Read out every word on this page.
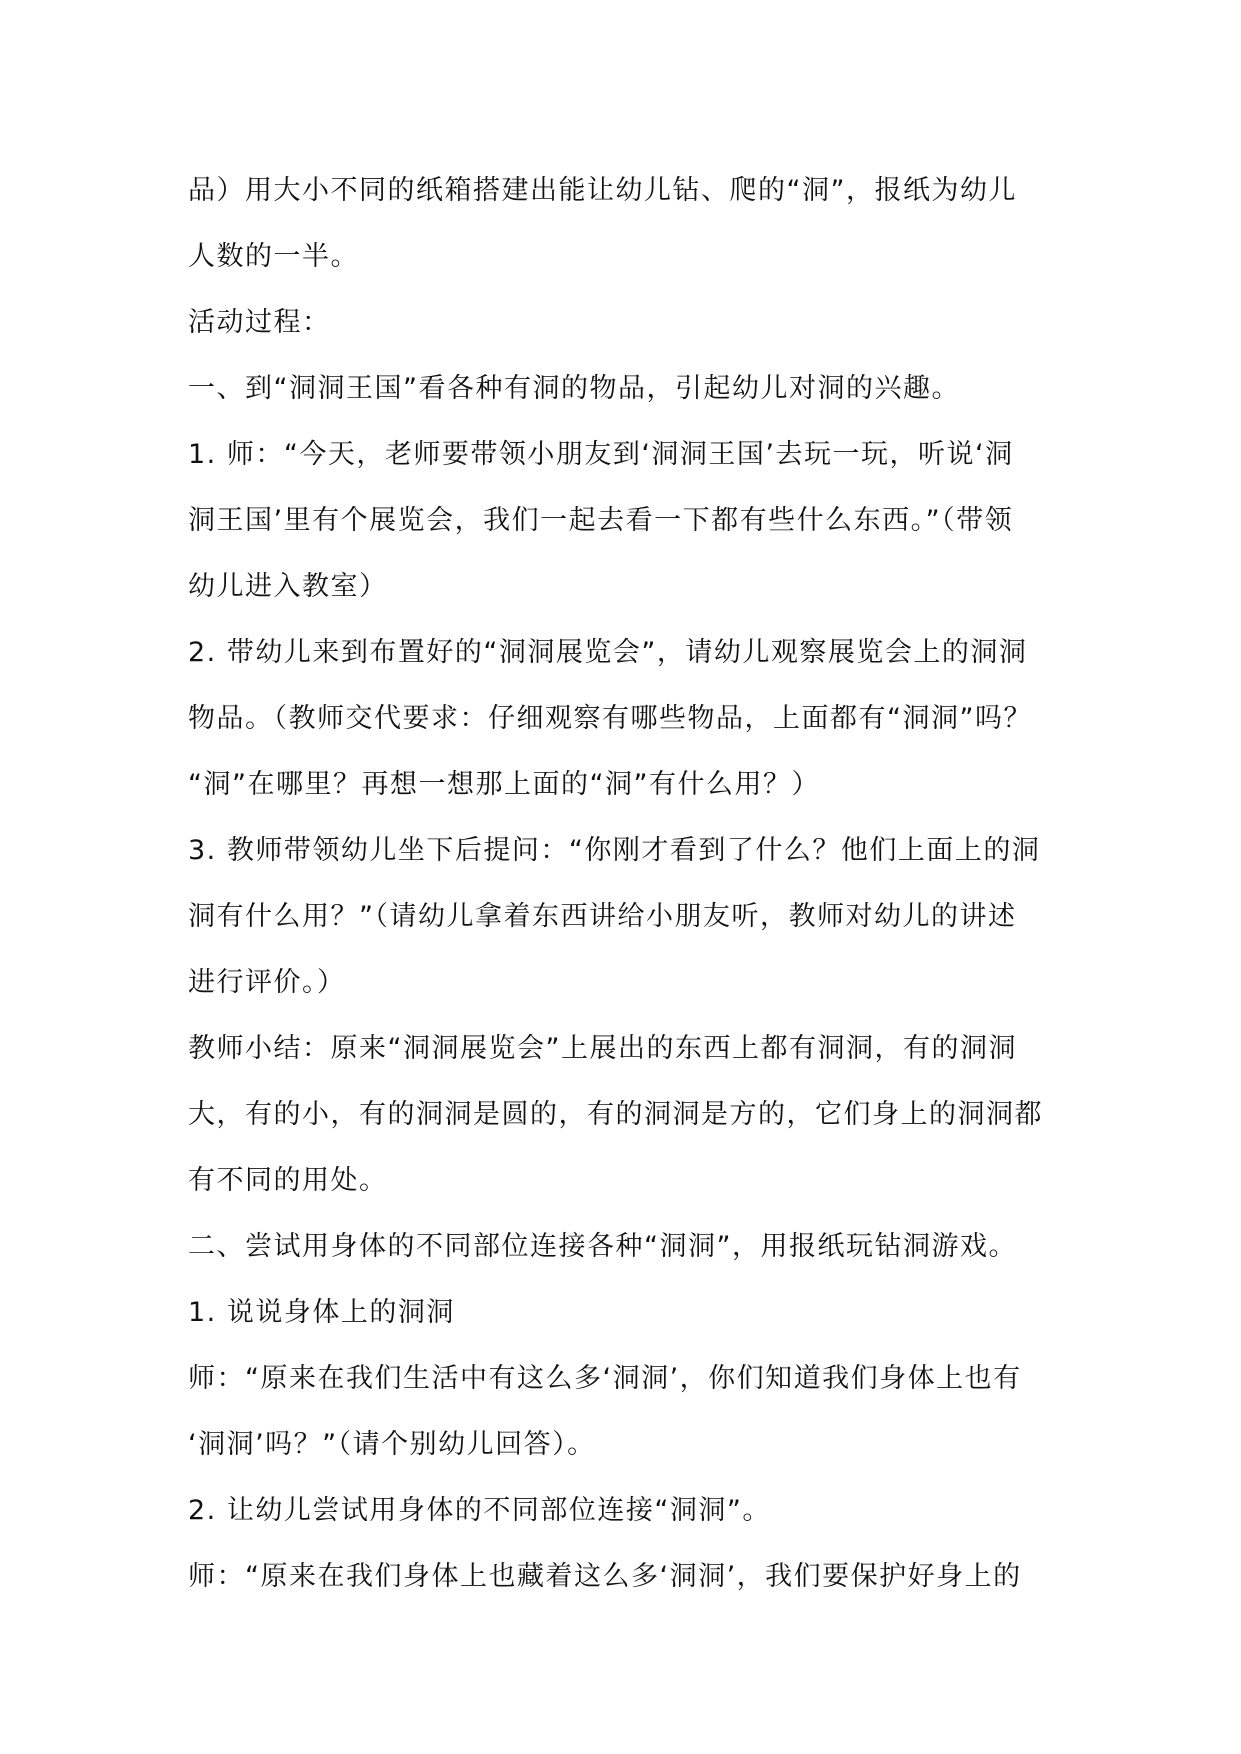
品）用大小不同的纸箱搭建出能让幼儿钻、爬的“洞”，报纸为幼儿
人数的一半。
活动过程：
一、到“洞洞王国”看各种有洞的物品，引起幼儿对洞的兴趣。
1. 师：“今天，老师要带领小朋友到‘洞洞王国’去玩一玩，听说‘洞
洞王国’里有个展览会，我们一起去看一下都有些什么东西。”（带领
幼儿进入教室）
2. 带幼儿来到布置好的“洞洞展览会”，请幼儿观察展览会上的洞洞
物品。（教师交代要求：仔细观察有哪些物品，上面都有“洞洞”吗？
“洞”在哪里？再想一想那上面的“洞”有什么用？）
3. 教师带领幼儿坐下后提问：“你刚才看到了什么？他们上面上的洞
洞有什么用？”（请幼儿拿着东西讲给小朋友听，教师对幼儿的讲述
进行评价。）
教师小结：原来“洞洞展览会”上展出的东西上都有洞洞，有的洞洞
大，有的小，有的洞洞是圆的，有的洞洞是方的，它们身上的洞洞都
有不同的用处。
二、尝试用身体的不同部位连接各种“洞洞”，用报纸玩钻洞游戏。
1. 说说身体上的洞洞
师：“原来在我们生活中有这么多‘洞洞’，你们知道我们身体上也有
‘洞洞’吗？”（请个别幼儿回答）。
2. 让幼儿尝试用身体的不同部位连接“洞洞”。
师：“原来在我们身体上也藏着这么多‘洞洞’，我们要保护好身上的
